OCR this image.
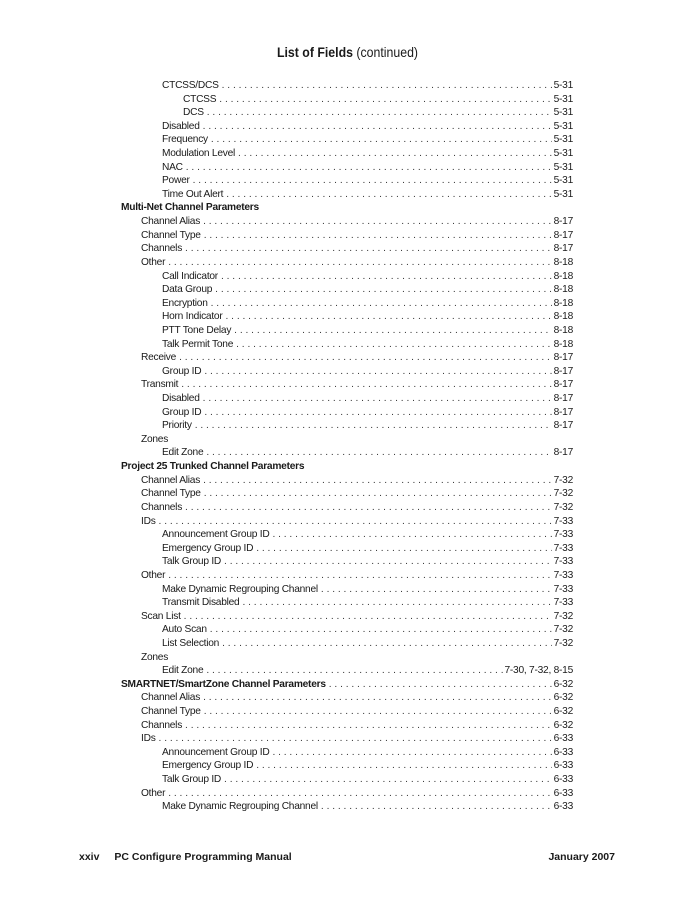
List of Fields (continued)
CTCSS/DCS . . .	5-31
CTCSS . . .	5-31
DCS . . .	5-31
Disabled . . .	5-31
Frequency . . .	5-31
Modulation Level . . .	5-31
NAC . . .	5-31
Power . . .	5-31
Time Out Alert . . .	5-31
Multi-Net Channel Parameters
Channel Alias . . .	8-17
Channel Type . . .	8-17
Channels . . .	8-17
Other . . .	8-18
Call Indicator . . .	8-18
Data Group . . .	8-18
Encryption . . .	8-18
Horn Indicator . . .	8-18
PTT Tone Delay . . .	8-18
Talk Permit Tone . . .	8-18
Receive . . .	8-17
Group ID . . .	8-17
Transmit . . .	8-17
Disabled . . .	8-17
Group ID . . .	8-17
Priority . . .	8-17
Zones
Edit Zone . . .	8-17
Project 25 Trunked Channel Parameters
Channel Alias . . .	7-32
Channel Type . . .	7-32
Channels . . .	7-32
IDs . . .	7-33
Announcement Group ID . . .	7-33
Emergency Group ID . . .	7-33
Talk Group ID . . .	7-33
Other . . .	7-33
Make Dynamic Regrouping Channel . . .	7-33
Transmit Disabled . . .	7-33
Scan List . . .	7-32
Auto Scan . . .	7-32
List Selection . . .	7-32
Zones
Edit Zone . . .	7-30, 7-32, 8-15
SMARTNET/SmartZone Channel Parameters . . .	6-32
Channel Alias . . .	6-32
Channel Type . . .	6-32
Channels . . .	6-32
IDs . . .	6-33
Announcement Group ID . . .	6-33
Emergency Group ID . . .	6-33
Talk Group ID . . .	6-33
Other . . .	6-33
Make Dynamic Regrouping Channel . . .	6-33
xxiv PC Configure Programming Manual	January 2007
